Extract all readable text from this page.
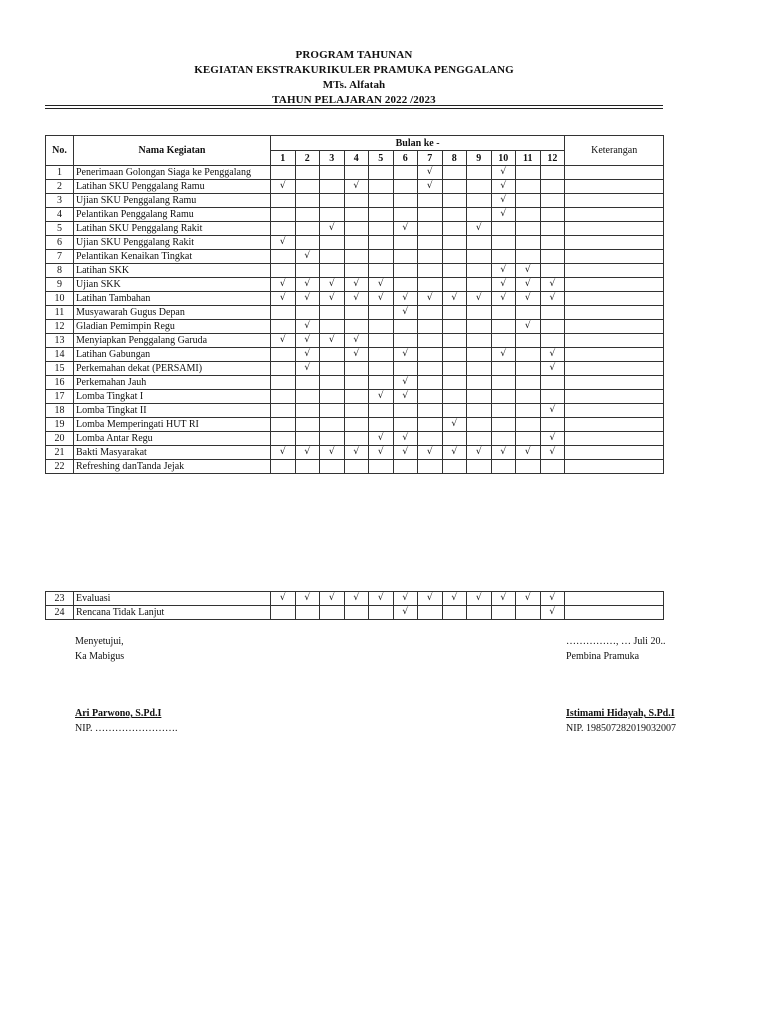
PROGRAM TAHUNAN
KEGIATAN EKSTRAKURIKULER PRAMUKA PENGGALANG
MTs. Alfatah
TAHUN PELAJARAN 2022 /2023
No.	Nama Kegiatan	Bulan ke -												Keterangan
		1	2	3	4	5	6	7	8	9	10	11	12	
1	Penerimaan Golongan Siaga ke Penggalang							√			√			
2	Latihan SKU Penggalang Ramu	√			√			√			√			
3	Ujian SKU Penggalang Ramu										√			
4	Pelantikan Penggalang Ramu										√			
5	Latihan SKU Penggalang Rakit			√			√			√				
6	Ujian SKU Penggalang Rakit	√												
7	Pelantikan Kenaikan Tingkat		√											
8	Latihan SKK										√	√		
9	Ujian SKK	√	√	√	√	√					√	√	√	
10	Latihan Tambahan	√	√	√	√	√	√	√	√	√	√	√	√	
11	Musyawarah Gugus Depan						√							
12	Gladian Pemimpin Regu		√									√		
13	Menyiapkan Penggalang Garuda	√	√	√	√									
14	Latihan Gabungan		√		√		√				√		√	
15	Perkemahan dekat (PERSAMI)		√										√	
16	Perkemahan Jauh						√							
17	Lomba Tingkat I					√	√							
18	Lomba Tingkat II												√	
19	Lomba Memperingati HUT RI								√					
20	Lomba Antar Regu					√	√						√	
21	Bakti Masyarakat	√	√	√	√	√	√	√	√	√	√	√	√	
22	Refreshing danTanda Jejak													
23	Evaluasi	√	√	√	√	√	√	√	√	√	√	√	√	
24	Rencana Tidak Lanjut						√						√	
Menyetujui,
Ka Mabigus
Ari Parwono, S.Pd.I
NIP. …………………….
……………, … Juli 20..
Pembina Pramuka
Istimami Hidayah, S.Pd.I
NIP. 198507282019032007
